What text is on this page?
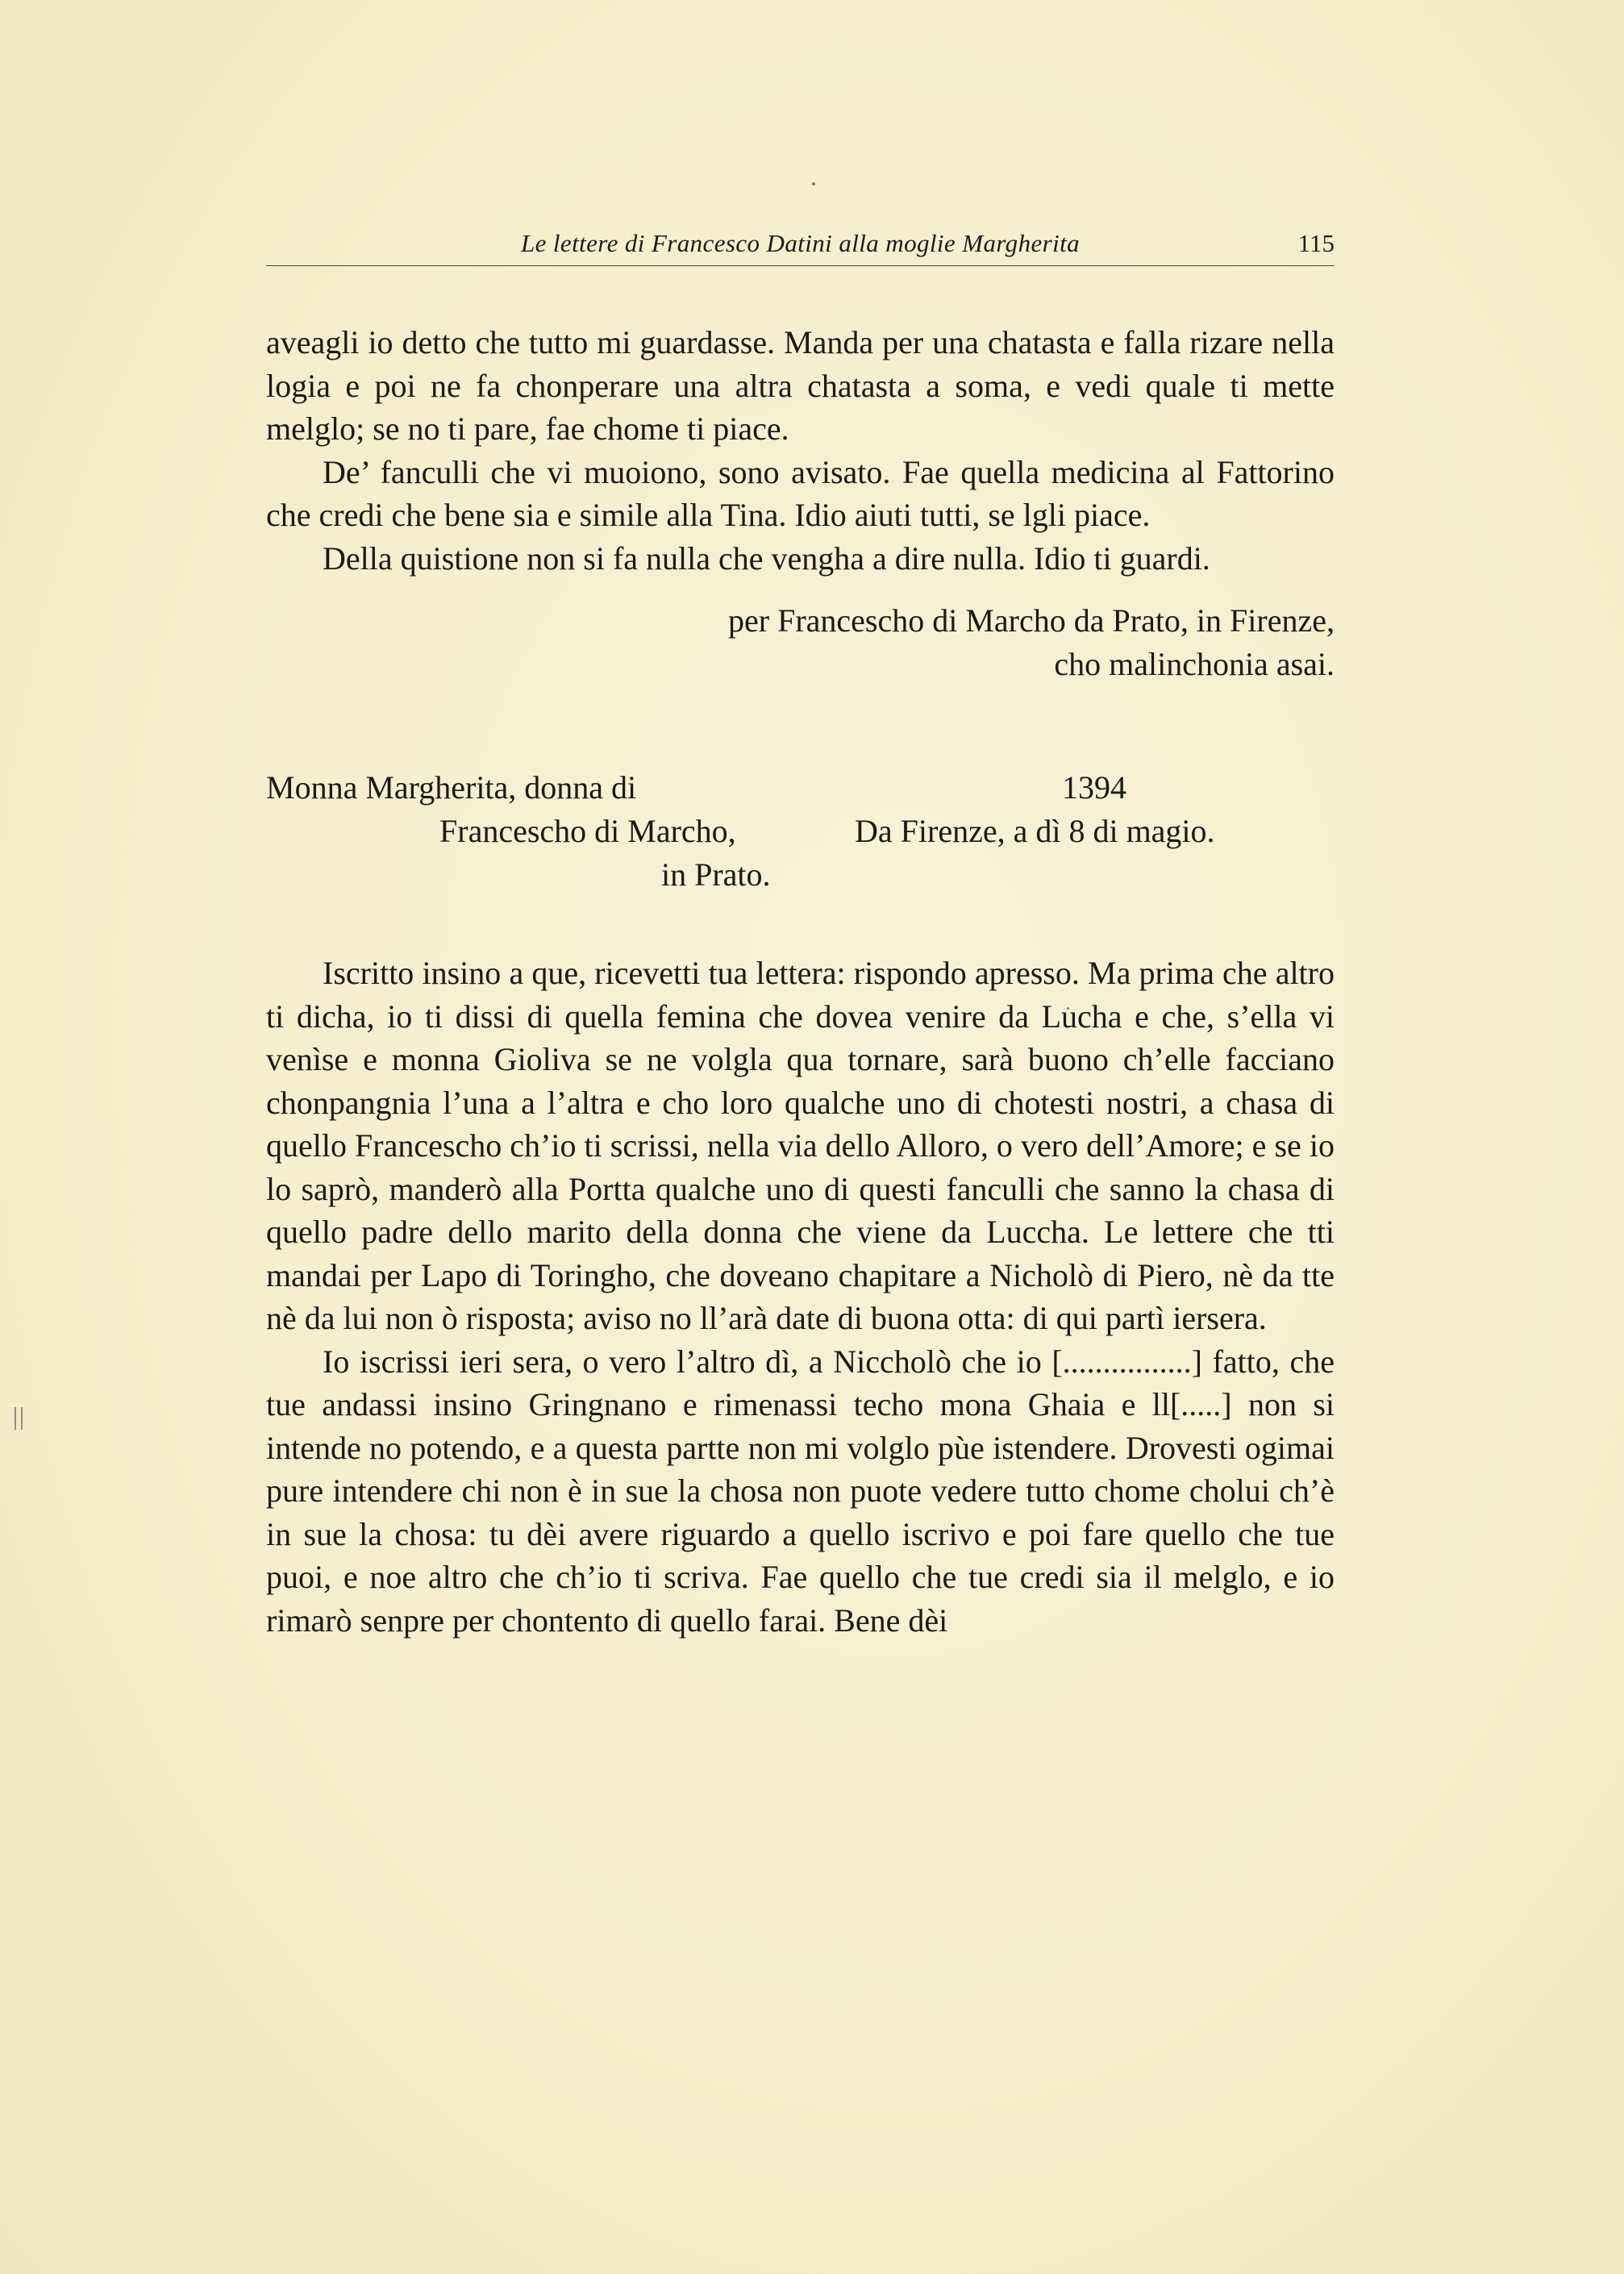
Le lettere di Francesco Datini alla moglie Margherita	115

aveagli io detto che tutto mi guardasse. Manda per una chatasta e falla rizare nella logia e poi ne fa chonperare una altra chatasta a soma, e vedi quale ti mette melglo; se no ti pare, fae chome ti piace.

De’ fanculli che vi muoiono, sono avisato. Fae quella medicina al Fattorino che credi che bene sia e simile alla Tina. Idio aiuti tutti, se lgli piace.

Della quistione non si fa nulla che vengha a dire nulla. Idio ti guardi.

per Francescho di Marcho da Prato, in Firenze,
cho malinchonia asai.
Monna Margherita, donna di
Francescho di Marcho,
in Prato.
1394
Da Firenze, a dì 8 di magio.

Iscritto insino a que, ricevetti tua lettera: rispondo apresso. Ma prima che altro ti dicha, io ti dissi di quella femina che dovea venire da Lucha e che, s’ella vi venìse e monna Gioliva se ne volgla qua tornare, sarà buono ch’elle facciano chonpangnia l’una a l’altra e cho loro qualche uno di chotesti nostri, a chasa di quello Francescho ch’io ti scrissi, nella via dello Alloro, o vero dell’Amore; e se io lo saprò, manderò alla Portta qualche uno di questi fanculli che sanno la chasa di quello padre dello marito della donna che viene da Luccha. Le lettere che tti mandai per Lapo di Toringho, che doveano chapitare a Nicholò di Piero, nè da tte nè da lui non ò risposta; aviso no ll’arà date di buona otta: di qui partì iersera.

Io iscrissi ieri sera, o vero l’altro dì, a Niccholò che io [................] fatto, che tue andassi insino Gringnano e rimenassi techo mona Ghaia e ll[.....] non si intende no potendo, e a questa partte non mi volglo pùe istendere. Drovesti ogimai pure intendere chi non è in sue la chosa non puote vedere tutto chome cholui ch’è in sue la chosa: tu dèi avere riguardo a quello iscrivo e poi fare quello che tue puoi, e noe altro che ch’io ti scriva. Fae quello che tue credi sia il melglo, e io rimarò senpre per chontento di quello farai. Bene dèi
